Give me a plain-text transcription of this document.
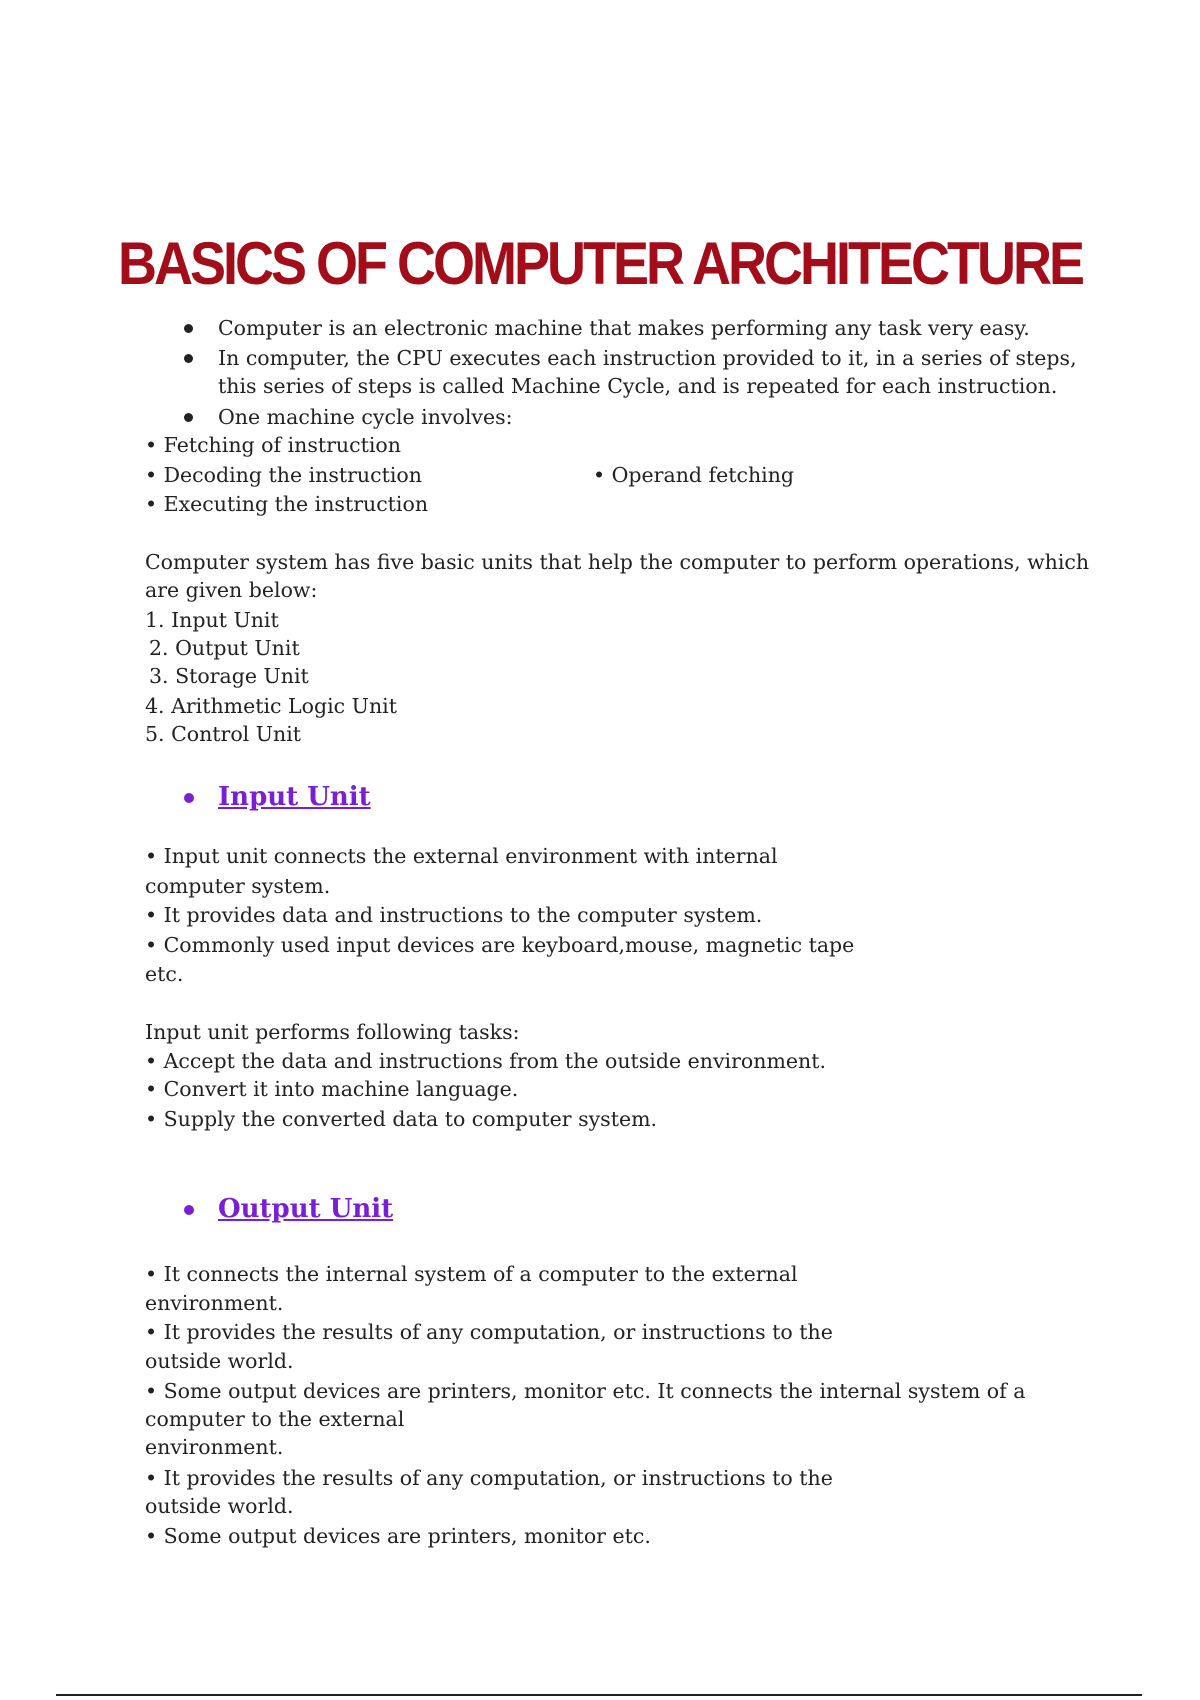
BASICS OF COMPUTER ARCHITECTURE
Computer is an electronic machine that makes performing any task very easy.
In computer, the CPU executes each instruction provided to it, in a series of steps,
this series of steps is called Machine Cycle, and is repeated for each instruction.
One machine cycle involves:
• Fetching of instruction
• Decoding the instruction	• Operand fetching
• Executing the instruction
Computer system has five basic units that help the computer to perform operations, which
are given below:
1. Input Unit
2. Output Unit
3. Storage Unit
4. Arithmetic Logic Unit
5. Control Unit
Input Unit
• Input unit connects the external environment with internal
computer system.
• It provides data and instructions to the computer system.
• Commonly used input devices are keyboard,mouse, magnetic tape
etc.
Input unit performs following tasks:
• Accept the data and instructions from the outside environment.
• Convert it into machine language.
• Supply the converted data to computer system.
Output Unit
• It connects the internal system of a computer to the external
environment.
• It provides the results of any computation, or instructions to the
outside world.
• Some output devices are printers, monitor etc. It connects the internal system of a
computer to the external
environment.
• It provides the results of any computation, or instructions to the
outside world.
• Some output devices are printers, monitor etc.
